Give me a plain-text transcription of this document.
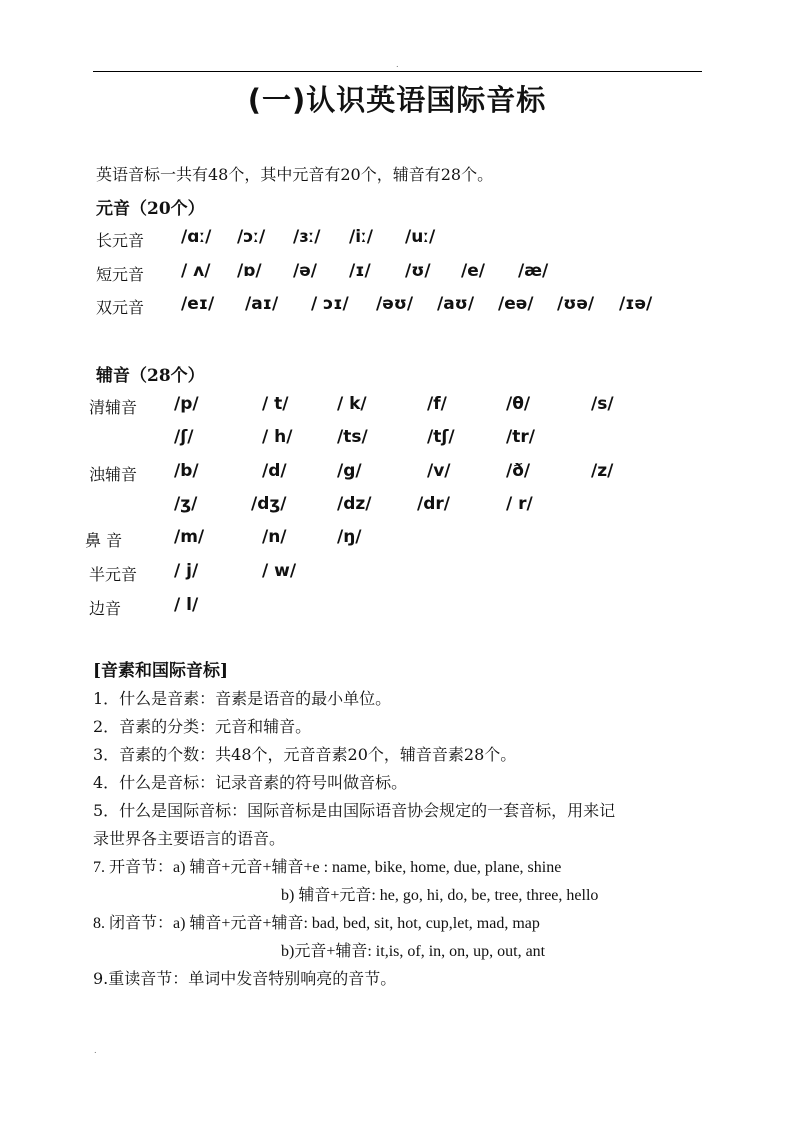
.
(一)认识英语国际音标
英语音标一共有48个，其中元音有20个，辅音有28个。
元音（20个）
长元音 /ɑː/ /ɔː/ /ɜː/ /iː/ /uː/
短元音 / ʌ/ /ɒ/ /ə/ /ɪ/ /ʊ/ /e/ /æ/
双元音 /eɪ/ /aɪ/ / ɔɪ/ /əʊ/ /aʊ/ /eə/ /ʊə/ /ɪə/
辅音（28个）
清辅音 /p/	/ t/	/ k/	/f/	/θ/	/s/
/ʃ/	/ h/	/ts/	/tʃ/	/tr/
浊辅音 /b/	/d/	/g/	/v/	/ð/	/z/
/ʒ/	/dʒ/	/dz/	/dr/	/ r/
鼻 音	/m/	/n/	/ŋ/
半元音 / j/	/ w/
边音	/ l/
[音素和国际音标]
1．什么是音素：音素是语音的最小单位。
2．音素的分类：元音和辅音。
3．音素的个数：共48个，元音音素20个，辅音音素28个。
4．什么是音标：记录音素的符号叫做音标。
5．什么是国际音标：国际音标是由国际语音协会规定的一套音标，用来记
录世界各主要语言的语音。
7. 开音节：a) 辅音+元音+辅音+e : name, bike, home, due, plane, shine
b) 辅音+元音: he, go, hi, do, be, tree, three, hello
8. 闭音节：a) 辅音+元音+辅音: bad, bed, sit, hot, cup,let, mad, map
b)元音+辅音: it,is, of, in, on, up, out, ant
9.重读音节：单词中发音特别响亮的音节。
.
